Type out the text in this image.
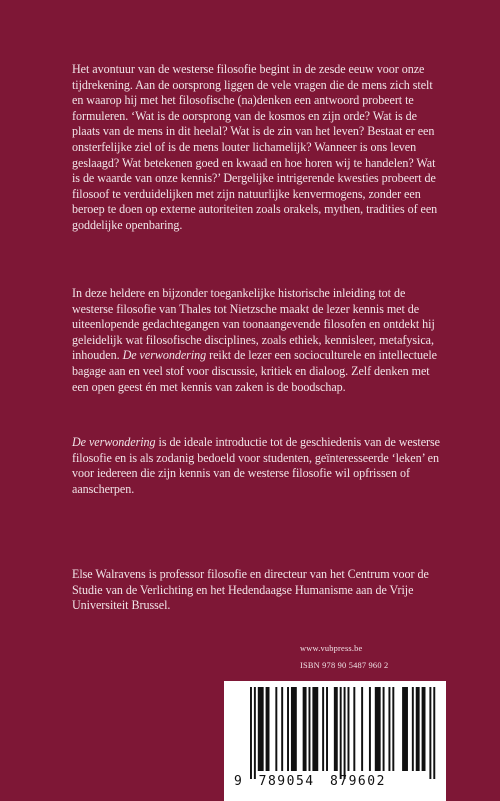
Het avontuur van de westerse filosofie begint in de zesde eeuw voor onze tijdrekening. Aan de oorsprong liggen de vele vragen die de mens zich stelt en waarop hij met het filosofische (na)denken een antwoord probeert te formuleren. ‘Wat is de oorsprong van de kosmos en zijn orde? Wat is de plaats van de mens in dit heelal? Wat is de zin van het leven? Bestaat er een onsterfelijke ziel of is de mens louter lichamelijk? Wanneer is ons leven geslaagd? Wat betekenen goed en kwaad en hoe horen wij te handelen? Wat is de waarde van onze kennis?’ Dergelijke intrigerende kwesties probeert de filosoof te verduidelijken met zijn natuurlijke kenvermogens, zonder een beroep te doen op externe autoriteiten zoals orakels, mythen, tradities of een goddelijke openbaring.

In deze heldere en bijzonder toegankelijke historische inleiding tot de westerse filosofie van Thales tot Nietzsche maakt de lezer kennis met de uiteenlopende gedachtegangen van toonaangevende filosofen en ontdekt hij geleidelijk wat filosofische disciplines, zoals ethiek, kennisleer, metafysica, inhouden. De verwondering reikt de lezer een socioculturele en intellectuele bagage aan en veel stof voor discussie, kritiek en dialoog. Zelf denken met een open geest én met kennis van zaken is de boodschap.

De verwondering is de ideale introductie tot de geschiedenis van de westerse filosofie en is als zodanig bedoeld voor studenten, geïnteresseerde ‘leken’ en voor iedereen die zijn kennis van de westerse filosofie wil opfrissen of aanscherpen.

Else Walravens is professor filosofie en directeur van het Centrum voor de Studie van de Verlichting en het Hedendaagse Humanisme aan de Vrije Universiteit Brussel.

www.vubpress.be

ISBN 978 90 5487 960 2

9 789054 879602
